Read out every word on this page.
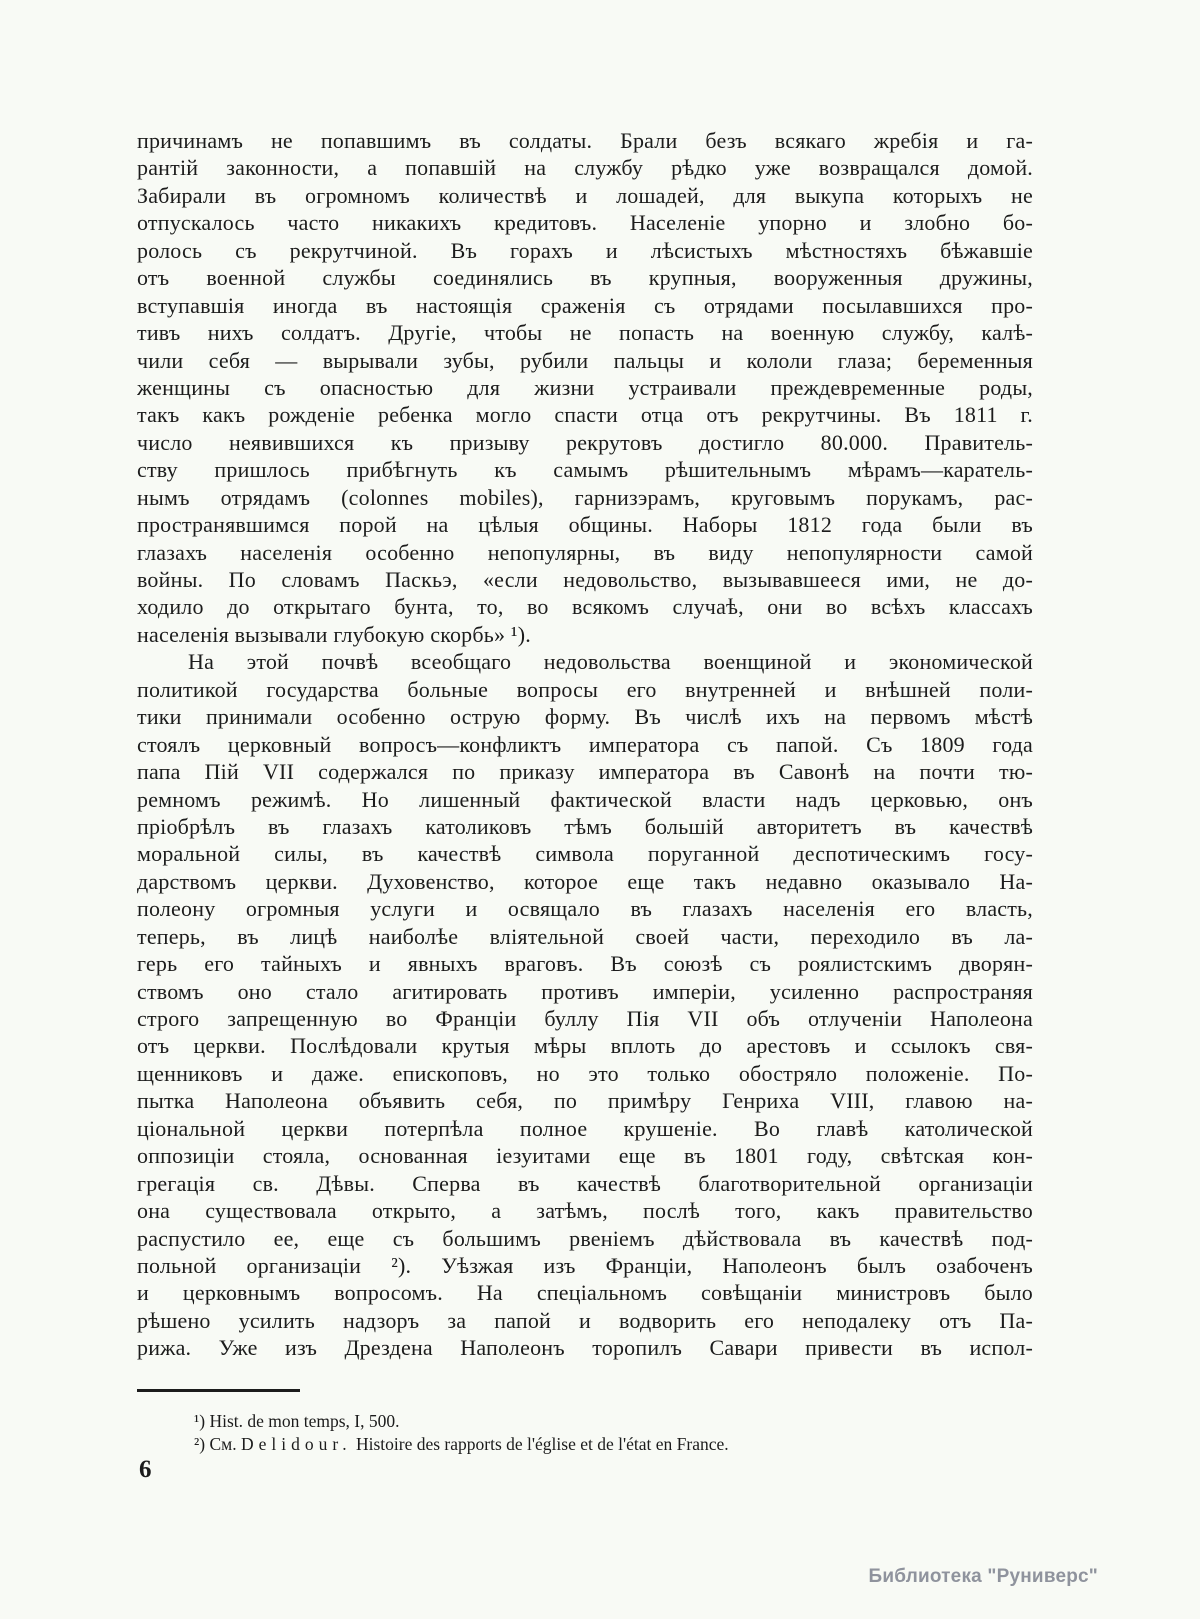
причинамъ не попавшимъ въ солдаты. Брали безъ всякаго жребія и га-
рантій законности, а попавшій на службу рѣдко уже возвращался домой.
Забирали въ огромномъ количествѣ и лошадей, для выкупа которыхъ не
отпускалось часто никакихъ кредитовъ. Населеніе упорно и злобно бо-
ролось съ рекрутчиной. Въ горахъ и лѣсистыхъ мѣстностяхъ бѣжавшіе
отъ военной службы соединялись въ крупныя, вооруженныя дружины,
вступавшія иногда въ настоящія сраженія съ отрядами посылавшихся про-
тивъ нихъ солдатъ. Другіе, чтобы не попасть на военную службу, калѣ-
чили себя — вырывали зубы, рубили пальцы и кололи глаза; беременныя
женщины съ опасностью для жизни устраивали преждевременные роды,
такъ какъ рожденіе ребенка могло спасти отца отъ рекрутчины. Въ 1811 г.
число неявившихся къ призыву рекрутовъ достигло 80.000. Правитель-
ству пришлось прибѣгнуть къ самымъ рѣшительнымъ мѣрамъ—каратель-
нымъ отрядамъ (colonnes mobiles), гарнизэрамъ, круговымъ порукамъ, рас-
пространявшимся порой на цѣлыя общины. Наборы 1812 года были въ
глазахъ населенія особенно непопулярны, въ виду непопулярности самой
войны. По словамъ Паскьэ, «если недовольство, вызывавшееся ими, не до-
ходило до открытаго бунта, то, во всякомъ случаѣ, они во всѣхъ классахъ
населенія вызывали глубокую скорбь» ¹).
На этой почвѣ всеобщаго недовольства военщиной и экономической
политикой государства больные вопросы его внутренней и внѣшней поли-
тики принимали особенно острую форму. Въ числѣ ихъ на первомъ мѣстѣ
стоялъ церковный вопросъ—конфликтъ императора съ папой. Съ 1809 года
папа Пій VII содержался по приказу императора въ Савонѣ на почти тю-
ремномъ режимѣ. Но лишенный фактической власти надъ церковью, онъ
пріобрѣлъ въ глазахъ католиковъ тѣмъ большій авторитетъ въ качествѣ
моральной силы, въ качествѣ символа поруганной деспотическимъ госу-
дарствомъ церкви. Духовенство, которое еще такъ недавно оказывало На-
полеону огромныя услуги и освящало въ глазахъ населенія его власть,
теперь, въ лицѣ наиболѣе вліятельной своей части, переходило въ ла-
герь его тайныхъ и явныхъ враговъ. Въ союзѣ съ роялистскимъ дворян-
ствомъ оно стало агитировать противъ имперіи, усиленно распространяя
строго запрещенную во Франціи буллу Пія VII объ отлученіи Наполеона
отъ церкви. Послѣдовали крутыя мѣры вплоть до арестовъ и ссылокъ свя-
щенниковъ и даже. епископовъ, но это только обостряло положеніе. По-
пытка Наполеона объявить себя, по примѣру Генриха VIII, главою на-
ціональной церкви потерпѣла полное крушеніе. Во главѣ католической
оппозиціи стояла, основанная іезуитами еще въ 1801 году, свѣтская кон-
грегація св. Дѣвы. Сперва въ качествѣ благотворительной организаціи
она существовала открыто, а затѣмъ, послѣ того, какъ правительство
распустило ее, еще съ большимъ рвеніемъ дѣйствовала въ качествѣ под-
польной организаціи ²). Уѣзжая изъ Франціи, Наполеонъ былъ озабоченъ
и церковнымъ вопросомъ. На спеціальномъ совѣщаніи министровъ было
рѣшено усилить надзоръ за папой и водворить его неподалеку отъ Па-
рижа. Уже изъ Дрездена Наполеонъ торопилъ Савари привести въ испол-
¹) Hist. de mon temps, I, 500.
²) См. Delidour. Histoire des rapports de l'église et de l'état en France.
6
Библиотека "Руниверс"
